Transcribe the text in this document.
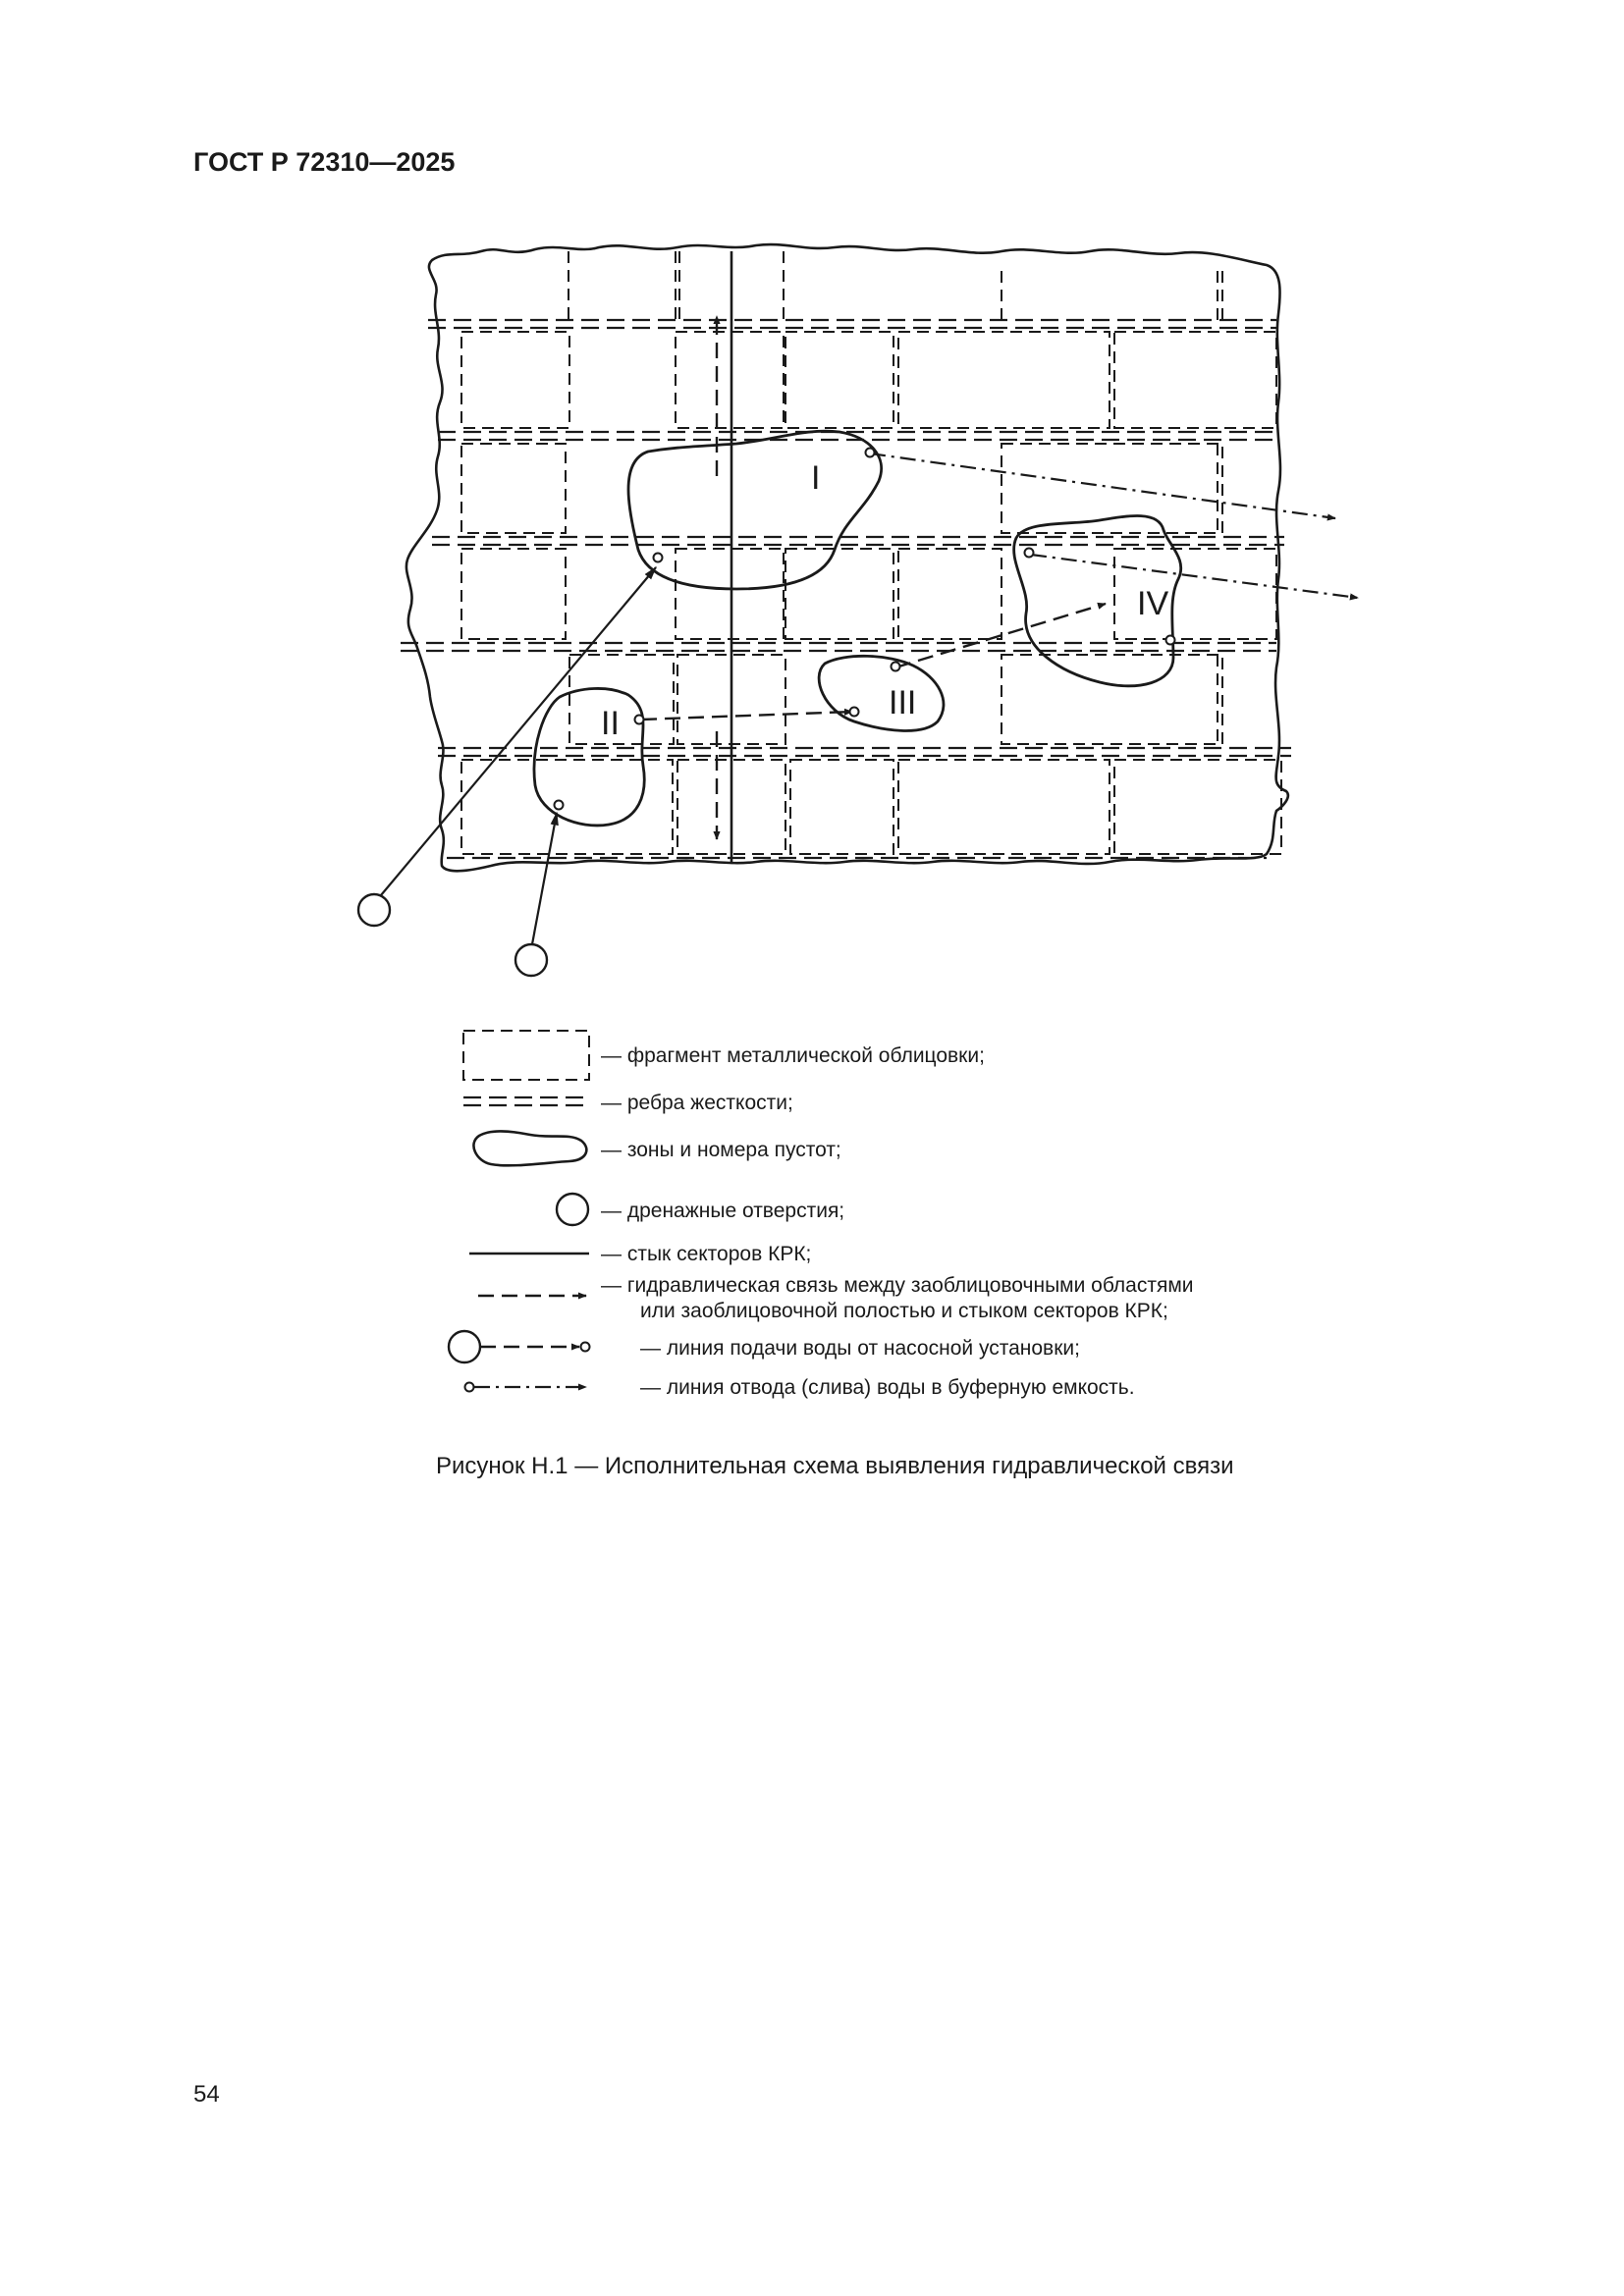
ГОСТ Р 72310—2025
I
II
III
IV
— фрагмент металлической облицовки;
— ребра жесткости;
— зоны и номера пустот;
— дренажные отверстия;
— стык секторов КРК;
— гидравлическая связь между заоблицовочными областями
или заоблицовочной полостью и стыком секторов КРК;
— линия подачи воды от насосной установки;
— линия отвода (слива) воды в буферную емкость.
Рисунок Н.1 — Исполнительная схема выявления гидравлической связи
54
